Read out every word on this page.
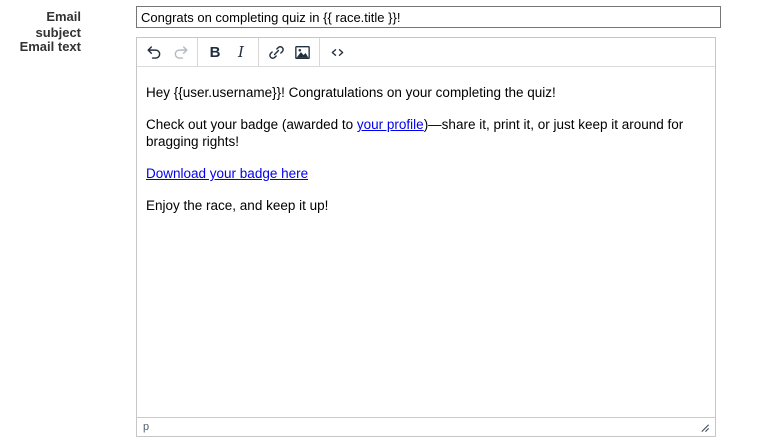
Email subject
Congrats on completing quiz in {{ race.title }}!
Email text	B I

Hey {{user.username}}! Congratulations on your completing the quiz!

Check out your badge (awarded to your profile)—share it, print it, or just keep it around for bragging rights!

Download your badge here

Enjoy the race, and keep it up!

p
